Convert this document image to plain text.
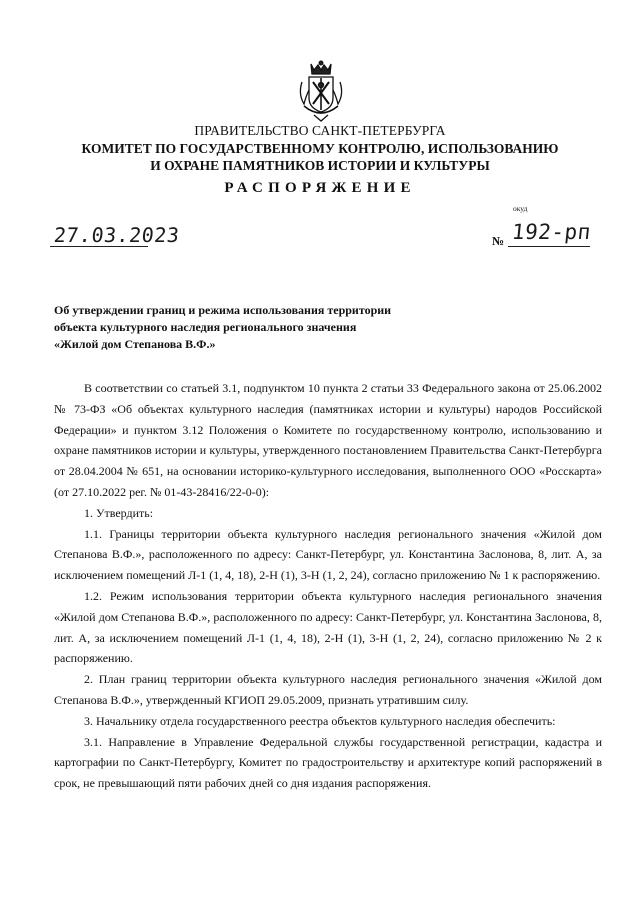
ПРАВИТЕЛЬСТВО САНКТ-ПЕТЕРБУРГА
КОМИТЕТ ПО ГОСУДАРСТВЕННОМУ КОНТРОЛЮ, ИСПОЛЬЗОВАНИЮ
И ОХРАНЕ ПАМЯТНИКОВ ИСТОРИИ И КУЛЬТУРЫ
РАСПОРЯЖЕНИЕ
окуд
27.03.2023	№ 192-рп
Об утверждении границ и режима использования территории
объекта культурного наследия регионального значения
«Жилой дом Степанова В.Ф.»

В соответствии со статьей 3.1, подпунктом 10 пункта 2 статьи 33 Федерального закона от 25.06.2002 № 73-ФЗ «Об объектах культурного наследия (памятниках истории и культуры) народов Российской Федерации» и пунктом 3.12 Положения о Комитете по государственному контролю, использованию и охране памятников истории и культуры, утвержденного постановлением Правительства Санкт-Петербурга от 28.04.2004 № 651, на основании историко-культурного исследования, выполненного ООО «Росскарта» (от 27.10.2022 рег. № 01-43-28416/22-0-0):

1. Утвердить:

1.1. Границы территории объекта культурного наследия регионального значения «Жилой дом Степанова В.Ф.», расположенного по адресу: Санкт-Петербург, ул. Константина Заслонова, 8, лит. А, за исключением помещений Л-1 (1, 4, 18), 2-Н (1), 3-Н (1, 2, 24), согласно приложению № 1 к распоряжению.

1.2. Режим использования территории объекта культурного наследия регионального значения «Жилой дом Степанова В.Ф.», расположенного по адресу: Санкт-Петербург, ул. Константина Заслонова, 8, лит. А, за исключением помещений Л-1 (1, 4, 18), 2-Н (1), 3-Н (1, 2, 24), согласно приложению № 2 к распоряжению.

2. План границ территории объекта культурного наследия регионального значения «Жилой дом Степанова В.Ф.», утвержденный КГИОП 29.05.2009, признать утратившим силу.

3. Начальнику отдела государственного реестра объектов культурного наследия обеспечить:

3.1. Направление в Управление Федеральной службы государственной регистрации, кадастра и картографии по Санкт-Петербургу, Комитет по градостроительству и архитектуре копий распоряжений в срок, не превышающий пяти рабочих дней со дня издания распоряжения.
